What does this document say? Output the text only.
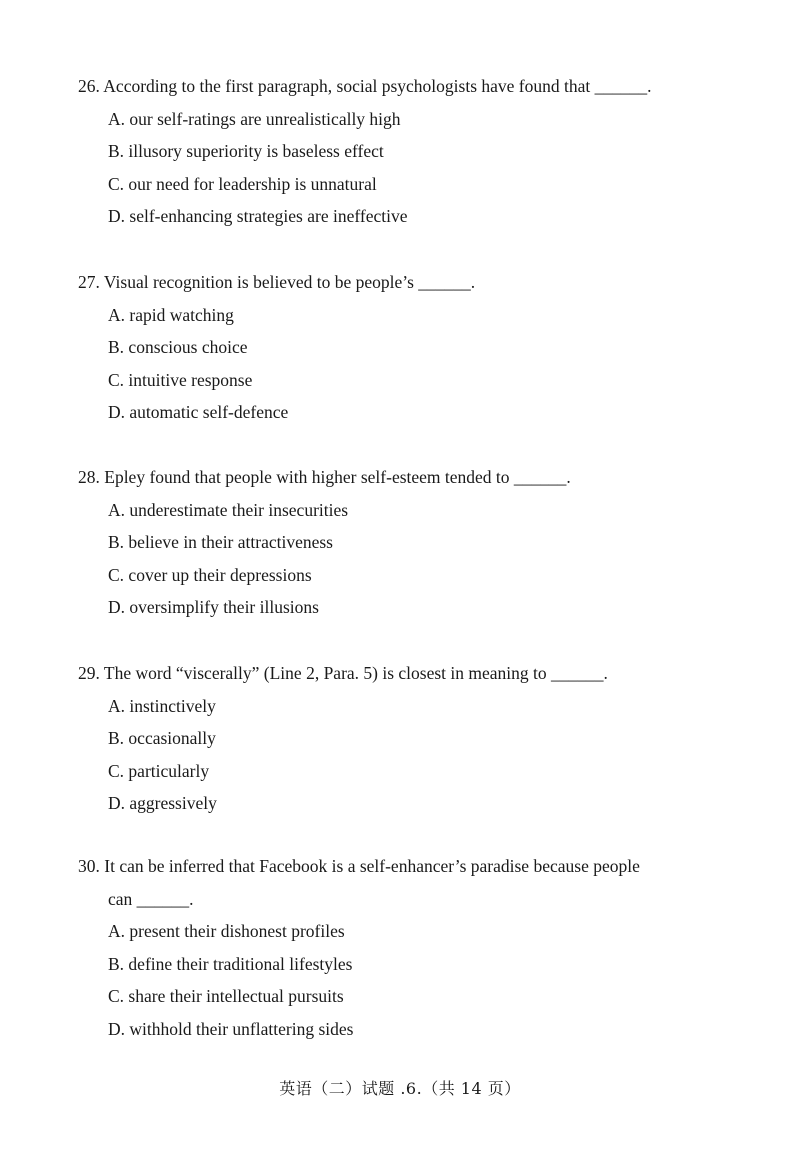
26. According to the first paragraph, social psychologists have found that ______.
A. our self-ratings are unrealistically high
B. illusory superiority is baseless effect
C. our need for leadership is unnatural
D. self-enhancing strategies are ineffective
27. Visual recognition is believed to be people’s ______.
A. rapid watching
B. conscious choice
C. intuitive response
D. automatic self-defence
28. Epley found that people with higher self-esteem tended to ______.
A. underestimate their insecurities
B. believe in their attractiveness
C. cover up their depressions
D. oversimplify their illusions
29. The word “viscerally” (Line 2, Para. 5) is closest in meaning to ______.
A. instinctively
B. occasionally
C. particularly
D. aggressively
30. It can be inferred that Facebook is a self-enhancer’s paradise because people
can ______.
A. present their dishonest profiles
B. define their traditional lifestyles
C. share their intellectual pursuits
D. withhold their unflattering sides
英语（二）试题 .6.（共 14 页）
